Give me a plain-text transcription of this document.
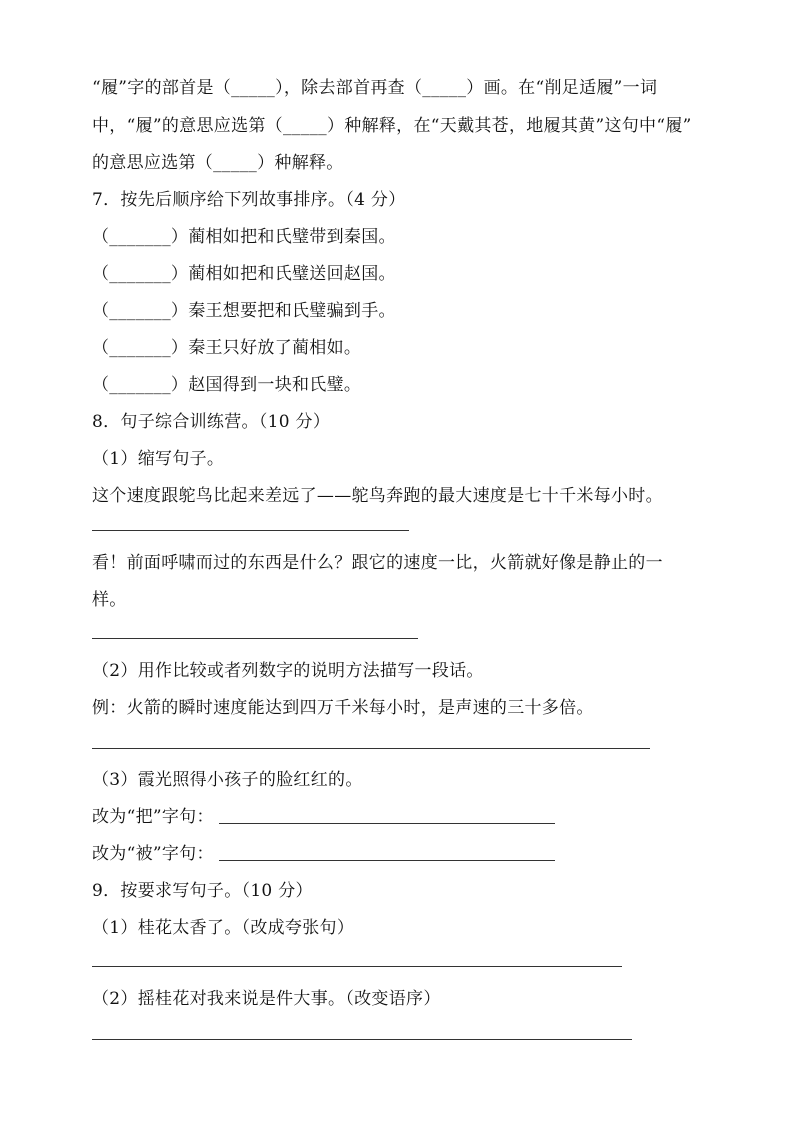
“履”字的部首是（_____），除去部首再查（_____）画。在“削足适履”一词
中，“履”的意思应选第（_____）种解释，在“天戴其苍，地履其黄”这句中“履”
的意思应选第（_____）种解释。
7．按先后顺序给下列故事排序。（4 分）
（_______）蔺相如把和氏璧带到秦国。
（_______）蔺相如把和氏璧送回赵国。
（_______）秦王想要把和氏璧骗到手。
（_______）秦王只好放了蔺相如。
（_______）赵国得到一块和氏璧。
8．句子综合训练营。（10 分）
（1）缩写句子。
这个速度跟鸵鸟比起来差远了——鸵鸟奔跑的最大速度是七十千米每小时。
看！前面呼啸而过的东西是什么？跟它的速度一比，火箭就好像是静止的一
样。
（2）用作比较或者列数字的说明方法描写一段话。
例：火箭的瞬时速度能达到四万千米每小时，是声速的三十多倍。
（3）霞光照得小孩子的脸红红的。
改为“把”字句：
改为“被”字句：
9．按要求写句子。（10 分）
（1）桂花太香了。（改成夸张句）
（2）摇桂花对我来说是件大事。（改变语序）
